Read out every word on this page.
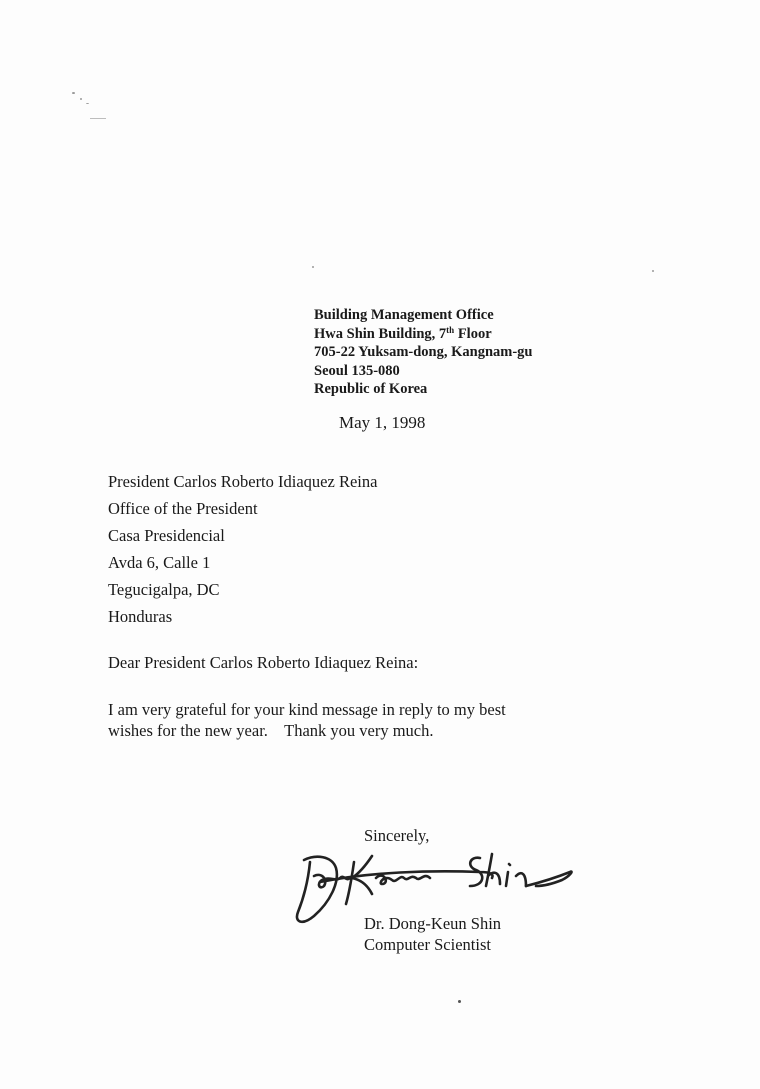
Building Management Office
Hwa Shin Building, 7th Floor
705-22 Yuksam-dong, Kangnam-gu
Seoul 135-080
Republic of Korea
May 1, 1998
President Carlos Roberto Idiaquez Reina
Office of the President
Casa Presidencial
Avda 6, Calle 1
Tegucigalpa, DC
Honduras
Dear President Carlos Roberto Idiaquez Reina:
I am very grateful for your kind message in reply to my best
wishes for the new year.    Thank you very much.
Sincerely,
Dr. Dong-Keun Shin
Computer Scientist
